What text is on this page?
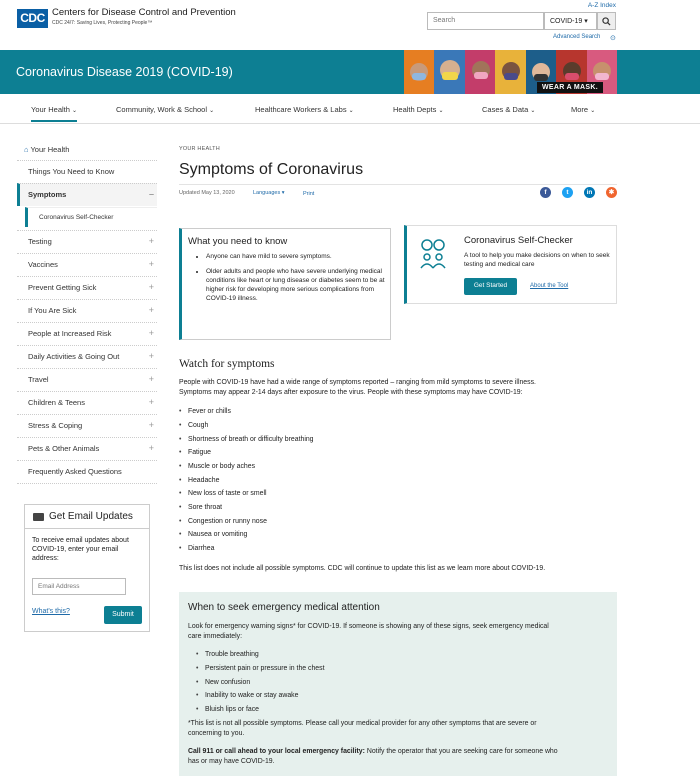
CDC Centers for Disease Control and Prevention
CDC 24/7: Saving Lives, Protecting People™
A-Z Index
Search	COVID-19 ▾
Advanced Search ⊙
Coronavirus Disease 2019 (COVID-19)
WEAR A MASK.
Your Health ⌄	Community, Work & School ⌄	Healthcare Workers & Labs ⌄	Health Depts ⌄	Cases & Data ⌄	More ⌄
⌂ Your Health
Things You Need to Know
Symptoms	–
Coronavirus Self-Checker
Testing	+
Vaccines	+
Prevent Getting Sick	+
If You Are Sick	+
People at Increased Risk	+
Daily Activities & Going Out	+
Travel	+
Children & Teens	+
Stress & Coping	+
Pets & Other Animals	+
Frequently Asked Questions
Get Email Updates
To receive email updates about COVID-19, enter your email address:
Email Address
What's this?	Submit
YOUR HEALTH
Symptoms of Coronavirus
Updated May 13, 2020	Languages ▾	Print	f	t	in	✱
What you need to know
• Anyone can have mild to severe symptoms.
• Older adults and people who have severe underlying medical conditions like heart or lung disease or diabetes seem to be at higher risk for developing more serious complications from COVID-19 illness.
Coronavirus Self-Checker
A tool to help you make decisions on when to seek testing and medical care
Get Started	About the Tool
Watch for symptoms
People with COVID-19 have had a wide range of symptoms reported – ranging from mild symptoms to severe illness.
Symptoms may appear 2-14 days after exposure to the virus. People with these symptoms may have COVID-19:
• Fever or chills
• Cough
• Shortness of breath or difficulty breathing
• Fatigue
• Muscle or body aches
• Headache
• New loss of taste or smell
• Sore throat
• Congestion or runny nose
• Nausea or vomiting
• Diarrhea
This list does not include all possible symptoms. CDC will continue to update this list as we learn more about COVID-19.
When to seek emergency medical attention
Look for emergency warning signs* for COVID-19. If someone is showing any of these signs, seek emergency medical
care immediately:
• Trouble breathing
• Persistent pain or pressure in the chest
• New confusion
• Inability to wake or stay awake
• Bluish lips or face
*This list is not all possible symptoms. Please call your medical provider for any other symptoms that are severe or
concerning to you.
Call 911 or call ahead to your local emergency facility: Notify the operator that you are seeking care for someone who
has or may have COVID-19.
